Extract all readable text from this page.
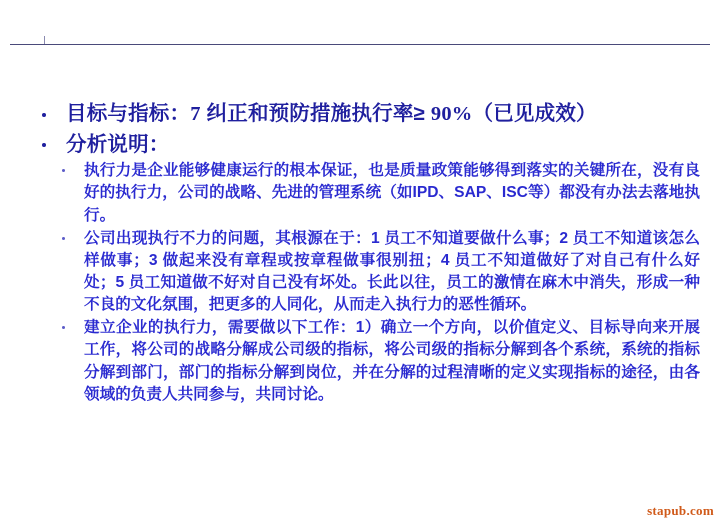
目标与指标：7 纠正和预防措施执行率≥ 90%（已见成效）
分析说明：
执行力是企业能够健康运行的根本保证，也是质量政策能够得到落实的关键所在，没有良好的执行力，公司的战略、先进的管理系统（如IPD、SAP、ISC等）都没有办法去落地执行。
公司出现执行不力的问题，其根源在于：1 员工不知道要做什么事；2 员工不知道该怎么样做事；3 做起来没有章程或按章程做事很别扭；4 员工不知道做好了对自己有什么好处；5 员工知道做不好对自己没有坏处。长此以往，员工的激情在麻木中消失，形成一种不良的文化氛围，把更多的人同化，从而走入执行力的恶性循环。
建立企业的执行力，需要做以下工作：1）确立一个方向，以价值定义、目标导向来开展工作，将公司的战略分解成公司级的指标，将公司级的指标分解到各个系统，系统的指标分解到部门，部门的指标分解到岗位，并在分解的过程清晰的定义实现指标的途径，由各领域的负责人共同参与，共同讨论。
stapub.com
